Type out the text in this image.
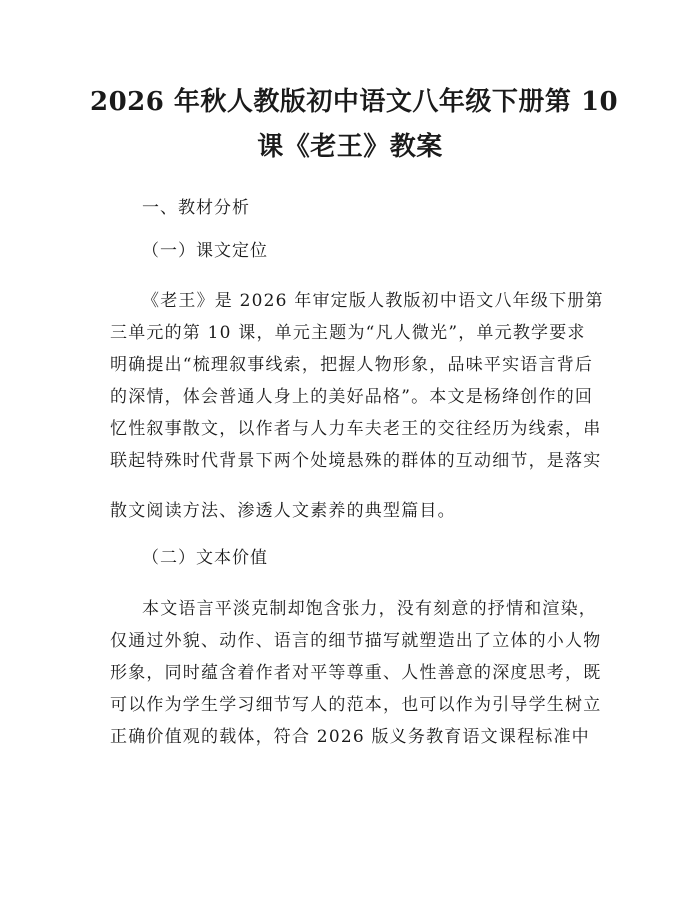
2026 年秋人教版初中语文八年级下册第 10
课《老王》教案
一、教材分析
（一）课文定位
《老王》是 2026 年审定版人教版初中语文八年级下册第
三单元的第 10 课，单元主题为“凡人微光”，单元教学要求
明确提出“梳理叙事线索，把握人物形象，品味平实语言背后
的深情，体会普通人身上的美好品格”。本文是杨绛创作的回
忆性叙事散文，以作者与人力车夫老王的交往经历为线索，串
联起特殊时代背景下两个处境悬殊的群体的互动细节，是落实
散文阅读方法、渗透人文素养的典型篇目。
（二）文本价值
本文语言平淡克制却饱含张力，没有刻意的抒情和渲染，
仅通过外貌、动作、语言的细节描写就塑造出了立体的小人物
形象，同时蕴含着作者对平等尊重、人性善意的深度思考，既
可以作为学生学习细节写人的范本，也可以作为引导学生树立
正确价值观的载体，符合 2026 版义务教育语文课程标准中
